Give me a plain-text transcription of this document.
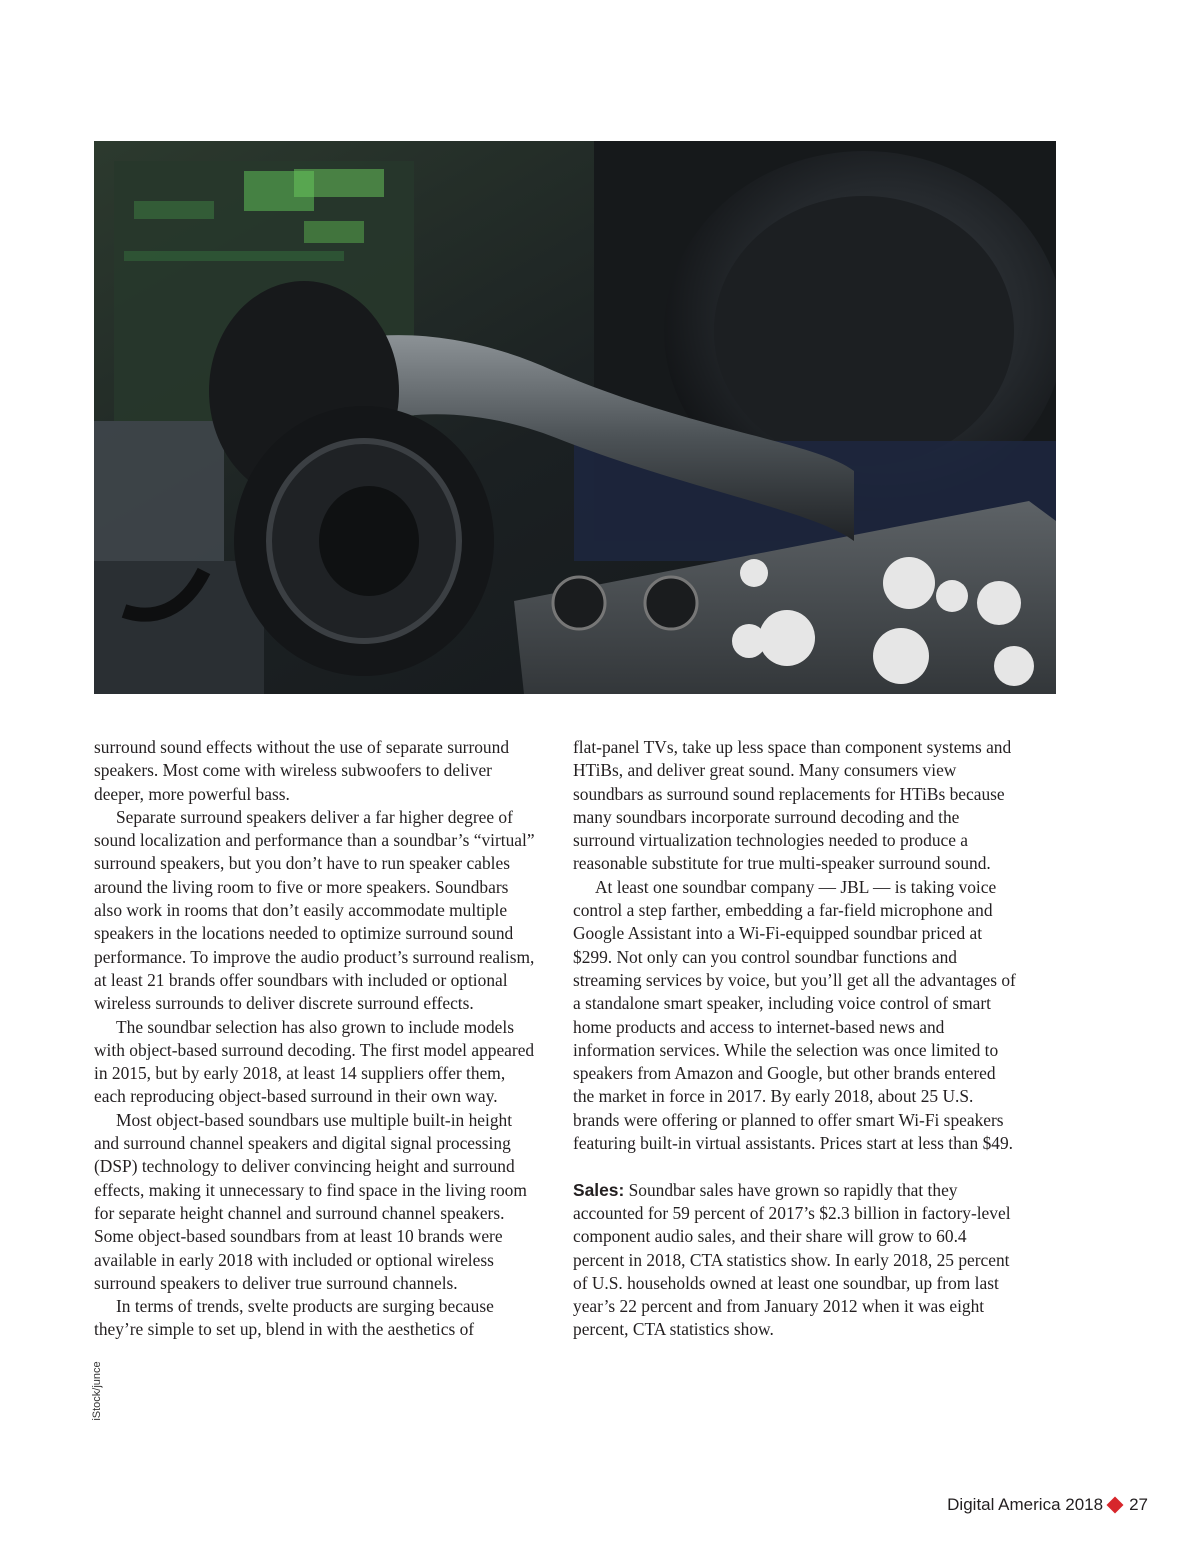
surround sound effects without the use of separate surround speakers. Most come with wireless subwoofers to deliver deeper, more powerful bass.

Separate surround speakers deliver a far higher degree of sound localization and performance than a soundbar’s “virtual” surround speakers, but you don’t have to run speaker cables around the living room to five or more speakers. Soundbars also work in rooms that don’t easily accommodate multiple speakers in the locations needed to optimize surround sound performance. To improve the audio product’s surround realism, at least 21 brands offer soundbars with included or optional wireless surrounds to deliver discrete surround effects.

The soundbar selection has also grown to include models with object-based surround decoding. The first model appeared in 2015, but by early 2018, at least 14 suppliers offer them, each reproducing object-based surround in their own way.

Most object-based soundbars use multiple built-in height and surround channel speakers and digital signal processing (DSP) technology to deliver convincing height and surround effects, making it unnecessary to find space in the living room for separate height channel and surround channel speakers. Some object-based soundbars from at least 10 brands were available in early 2018 with included or optional wireless surround speakers to deliver true surround channels.

In terms of trends, svelte products are surging because they’re simple to set up, blend in with the aesthetics of

flat-panel TVs, take up less space than component systems and HTiBs, and deliver great sound. Many consumers view soundbars as surround sound replacements for HTiBs because many soundbars incorporate surround decoding and the surround virtualization technologies needed to produce a reasonable substitute for true multi-speaker surround sound.

At least one soundbar company — JBL — is taking voice control a step farther, embedding a far-field microphone and Google Assistant into a Wi-Fi-equipped soundbar priced at $299. Not only can you control soundbar functions and streaming services by voice, but you’ll get all the advantages of a standalone smart speaker, including voice control of smart home products and access to internet-based news and information services. While the selection was once limited to speakers from Amazon and Google, but other brands entered the market in force in 2017. By early 2018, about 25 U.S. brands were offering or planned to offer smart Wi-Fi speakers featuring built-in virtual assistants. Prices start at less than $49.

Sales: Soundbar sales have grown so rapidly that they accounted for 59 percent of 2017’s $2.3 billion in factory-level component audio sales, and their share will grow to 60.4 percent in 2018, CTA statistics show. In early 2018, 25 percent of U.S. households owned at least one soundbar, up from last year’s 22 percent and from January 2012 when it was eight percent, CTA statistics show.

iStock/junce
Digital America 2018 27
